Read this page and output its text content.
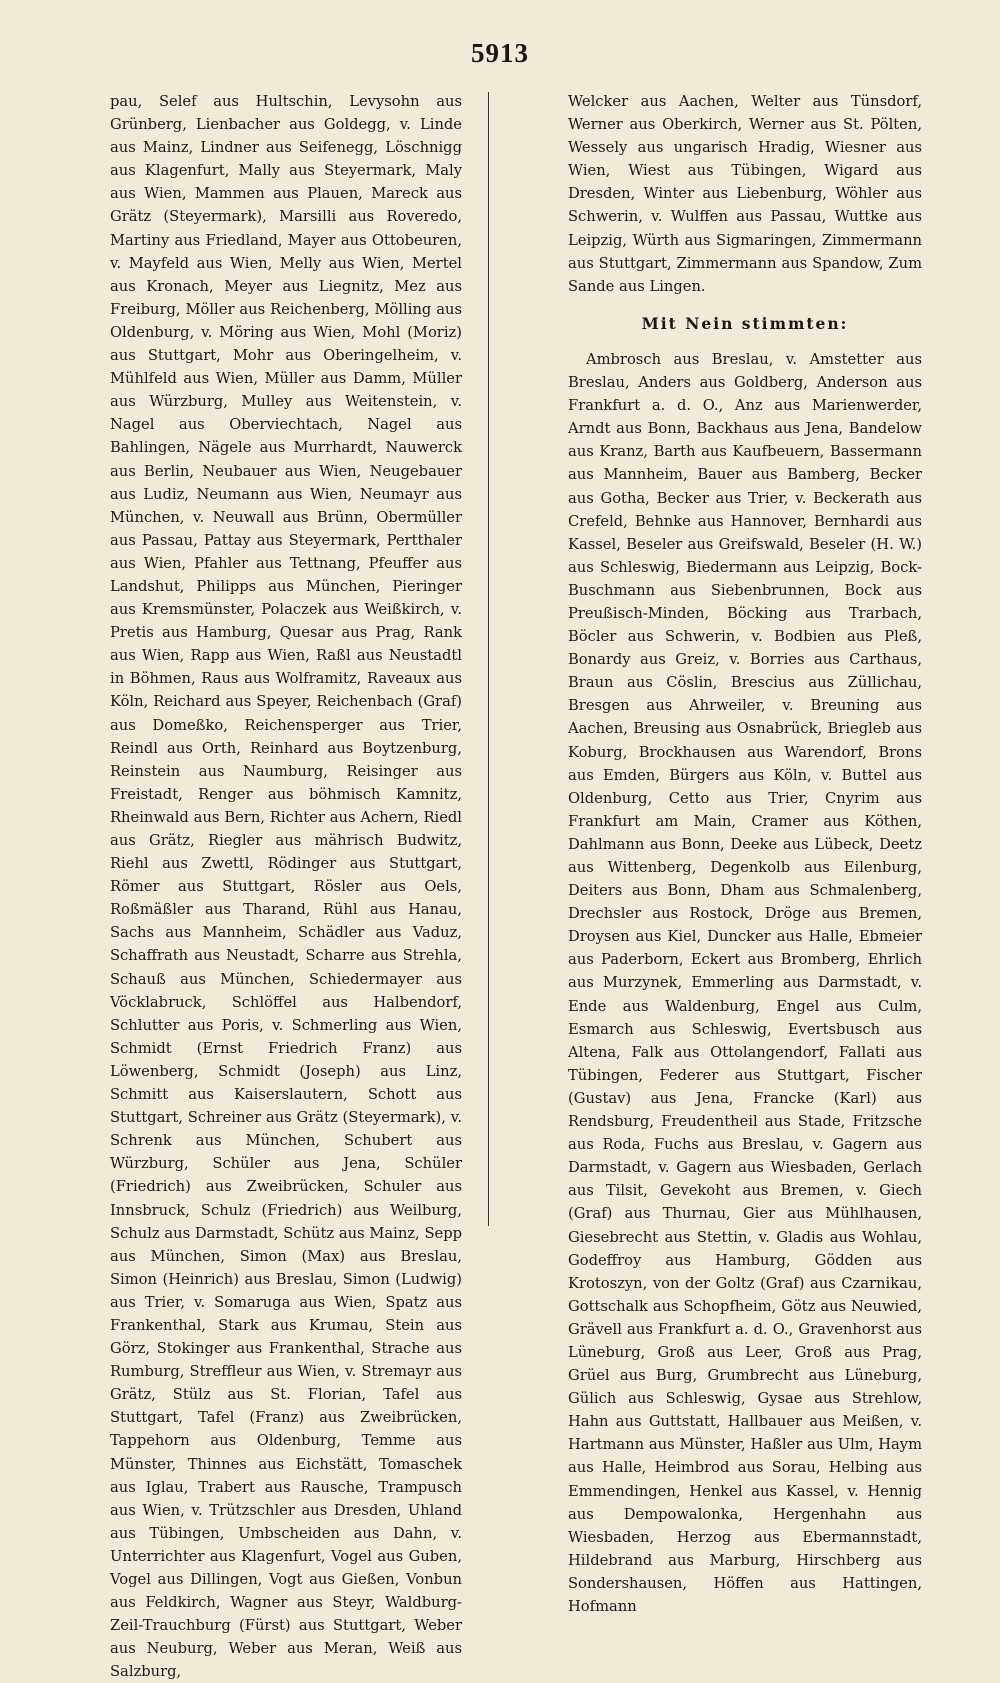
5913

pau, Selef aus Hultschin, Levysohn aus Grünberg, Lienbacher aus Goldegg, v. Linde aus Mainz, Lindner aus Seifenegg, Löschnigg aus Klagenfurt, Mally aus Steyermark, Maly aus Wien, Mammen aus Plauen, Mareck aus Grätz (Steyermark), Marsilli aus Roveredo, Martiny aus Friedland, Mayer aus Ottobeuren, v. Mayfeld aus Wien, Melly aus Wien, Mertel aus Kronach, Meyer aus Liegnitz, Mez aus Freiburg, Möller aus Reichenberg, Mölling aus Oldenburg, v. Möring aus Wien, Mohl (Moriz) aus Stuttgart, Mohr aus Oberingelheim, v. Mühlfeld aus Wien, Müller aus Damm, Müller aus Würzburg, Mulley aus Weitenstein, v. Nagel aus Oberviechtach, Nagel aus Bahlingen, Nägele aus Murrhardt, Nauwerck aus Berlin, Neubauer aus Wien, Neugebauer aus Ludiz, Neumann aus Wien, Neumayr aus München, v. Neuwall aus Brünn, Obermüller aus Passau, Pattay aus Steyermark, Pertthaler aus Wien, Pfahler aus Tettnang, Pfeuffer aus Landshut, Philipps aus München, Pieringer aus Kremsmünster, Polaczek aus Weißkirch, v. Pretis aus Hamburg, Quesar aus Prag, Rank aus Wien, Rapp aus Wien, Raßl aus Neustadtl in Böhmen, Raus aus Wolframitz, Raveaux aus Köln, Reichard aus Speyer, Reichenbach (Graf) aus Domeßko, Reichensperger aus Trier, Reindl aus Orth, Reinhard aus Boytzenburg, Reinstein aus Naumburg, Reisinger aus Freistadt, Renger aus böhmisch Kamnitz, Rheinwald aus Bern, Richter aus Achern, Riedl aus Grätz, Riegler aus mährisch Budwitz, Riehl aus Zwettl, Rödinger aus Stuttgart, Römer aus Stuttgart, Rösler aus Oels, Roßmäßler aus Tharand, Rühl aus Hanau, Sachs aus Mannheim, Schädler aus Vaduz, Schaffrath aus Neustadt, Scharre aus Strehla, Schauß aus München, Schiedermayer aus Vöcklabruck, Schlöffel aus Halbendorf, Schlutter aus Poris, v. Schmerling aus Wien, Schmidt (Ernst Friedrich Franz) aus Löwenberg, Schmidt (Joseph) aus Linz, Schmitt aus Kaiserslautern, Schott aus Stuttgart, Schreiner aus Grätz (Steyermark), v. Schrenk aus München, Schubert aus Würzburg, Schüler aus Jena, Schüler (Friedrich) aus Zweibrücken, Schuler aus Innsbruck, Schulz (Friedrich) aus Weilburg, Schulz aus Darmstadt, Schütz aus Mainz, Sepp aus München, Simon (Max) aus Breslau, Simon (Heinrich) aus Breslau, Simon (Ludwig) aus Trier, v. Somaruga aus Wien, Spatz aus Frankenthal, Stark aus Krumau, Stein aus Görz, Stokinger aus Frankenthal, Strache aus Rumburg, Streffleur aus Wien, v. Stremayr aus Grätz, Stülz aus St. Florian, Tafel aus Stuttgart, Tafel (Franz) aus Zweibrücken, Tappehorn aus Oldenburg, Temme aus Münster, Thinnes aus Eichstätt, Tomaschek aus Iglau, Trabert aus Rausche, Trampusch aus Wien, v. Trützschler aus Dresden, Uhland aus Tübingen, Umbscheiden aus Dahn, v. Unterrichter aus Klagenfurt, Vogel aus Guben, Vogel aus Dillingen, Vogt aus Gießen, Vonbun aus Feldkirch, Wagner aus Steyr, Waldburg-Zeil-Trauchburg (Fürst) aus Stuttgart, Weber aus Neuburg, Weber aus Meran, Weiß aus Salzburg,

Welcker aus Aachen, Welter aus Tünsdorf, Werner aus Oberkirch, Werner aus St. Pölten, Wessely aus ungarisch Hradig, Wiesner aus Wien, Wiest aus Tübingen, Wigard aus Dresden, Winter aus Liebenburg, Wöhler aus Schwerin, v. Wulffen aus Passau, Wuttke aus Leipzig, Würth aus Sigmaringen, Zimmermann aus Stuttgart, Zimmermann aus Spandow, Zum Sande aus Lingen.

Mit Nein stimmten:

Ambrosch aus Breslau, v. Amstetter aus Breslau, Anders aus Goldberg, Anderson aus Frankfurt a. d. O., Anz aus Marienwerder, Arndt aus Bonn, Backhaus aus Jena, Bandelow aus Kranz, Barth aus Kaufbeuern, Bassermann aus Mannheim, Bauer aus Bamberg, Becker aus Gotha, Becker aus Trier, v. Beckerath aus Crefeld, Behnke aus Hannover, Bernhardi aus Kassel, Beseler aus Greifswald, Beseler (H. W.) aus Schleswig, Biedermann aus Leipzig, Bock-Buschmann aus Siebenbrunnen, Bock aus Preußisch-Minden, Böcking aus Trarbach, Böcler aus Schwerin, v. Bodbien aus Pleß, Bonardy aus Greiz, v. Borries aus Carthaus, Braun aus Cöslin, Brescius aus Züllichau, Bresgen aus Ahrweiler, v. Breuning aus Aachen, Breusing aus Osnabrück, Briegleb aus Koburg, Brockhausen aus Warendorf, Brons aus Emden, Bürgers aus Köln, v. Buttel aus Oldenburg, Cetto aus Trier, Cnyrim aus Frankfurt am Main, Cramer aus Köthen, Dahlmann aus Bonn, Deeke aus Lübeck, Deetz aus Wittenberg, Degenkolb aus Eilenburg, Deiters aus Bonn, Dham aus Schmalenberg, Drechsler aus Rostock, Dröge aus Bremen, Droysen aus Kiel, Duncker aus Halle, Ebmeier aus Paderborn, Eckert aus Bromberg, Ehrlich aus Murzynek, Emmerling aus Darmstadt, v. Ende aus Waldenburg, Engel aus Culm, Esmarch aus Schleswig, Evertsbusch aus Altena, Falk aus Ottolangendorf, Fallati aus Tübingen, Federer aus Stuttgart, Fischer (Gustav) aus Jena, Francke (Karl) aus Rendsburg, Freudentheil aus Stade, Fritzsche aus Roda, Fuchs aus Breslau, v. Gagern aus Darmstadt, v. Gagern aus Wiesbaden, Gerlach aus Tilsit, Gevekoht aus Bremen, v. Giech (Graf) aus Thurnau, Gier aus Mühlhausen, Giesebrecht aus Stettin, v. Gladis aus Wohlau, Godeffroy aus Hamburg, Gödden aus Krotoszyn, von der Goltz (Graf) aus Czarnikau, Gottschalk aus Schopfheim, Götz aus Neuwied, Grävell aus Frankfurt a. d. O., Gravenhorst aus Lüneburg, Groß aus Leer, Groß aus Prag, Grüel aus Burg, Grumbrecht aus Lüneburg, Gülich aus Schleswig, Gysae aus Strehlow, Hahn aus Guttstatt, Hallbauer aus Meißen, v. Hartmann aus Münster, Haßler aus Ulm, Haym aus Halle, Heimbrod aus Sorau, Helbing aus Emmendingen, Henkel aus Kassel, v. Hennig aus Dempowalonka, Hergenhahn aus Wiesbaden, Herzog aus Ebermannstadt, Hildebrand aus Marburg, Hirschberg aus Sondershausen, Höffen aus Hattingen, Hofmann
